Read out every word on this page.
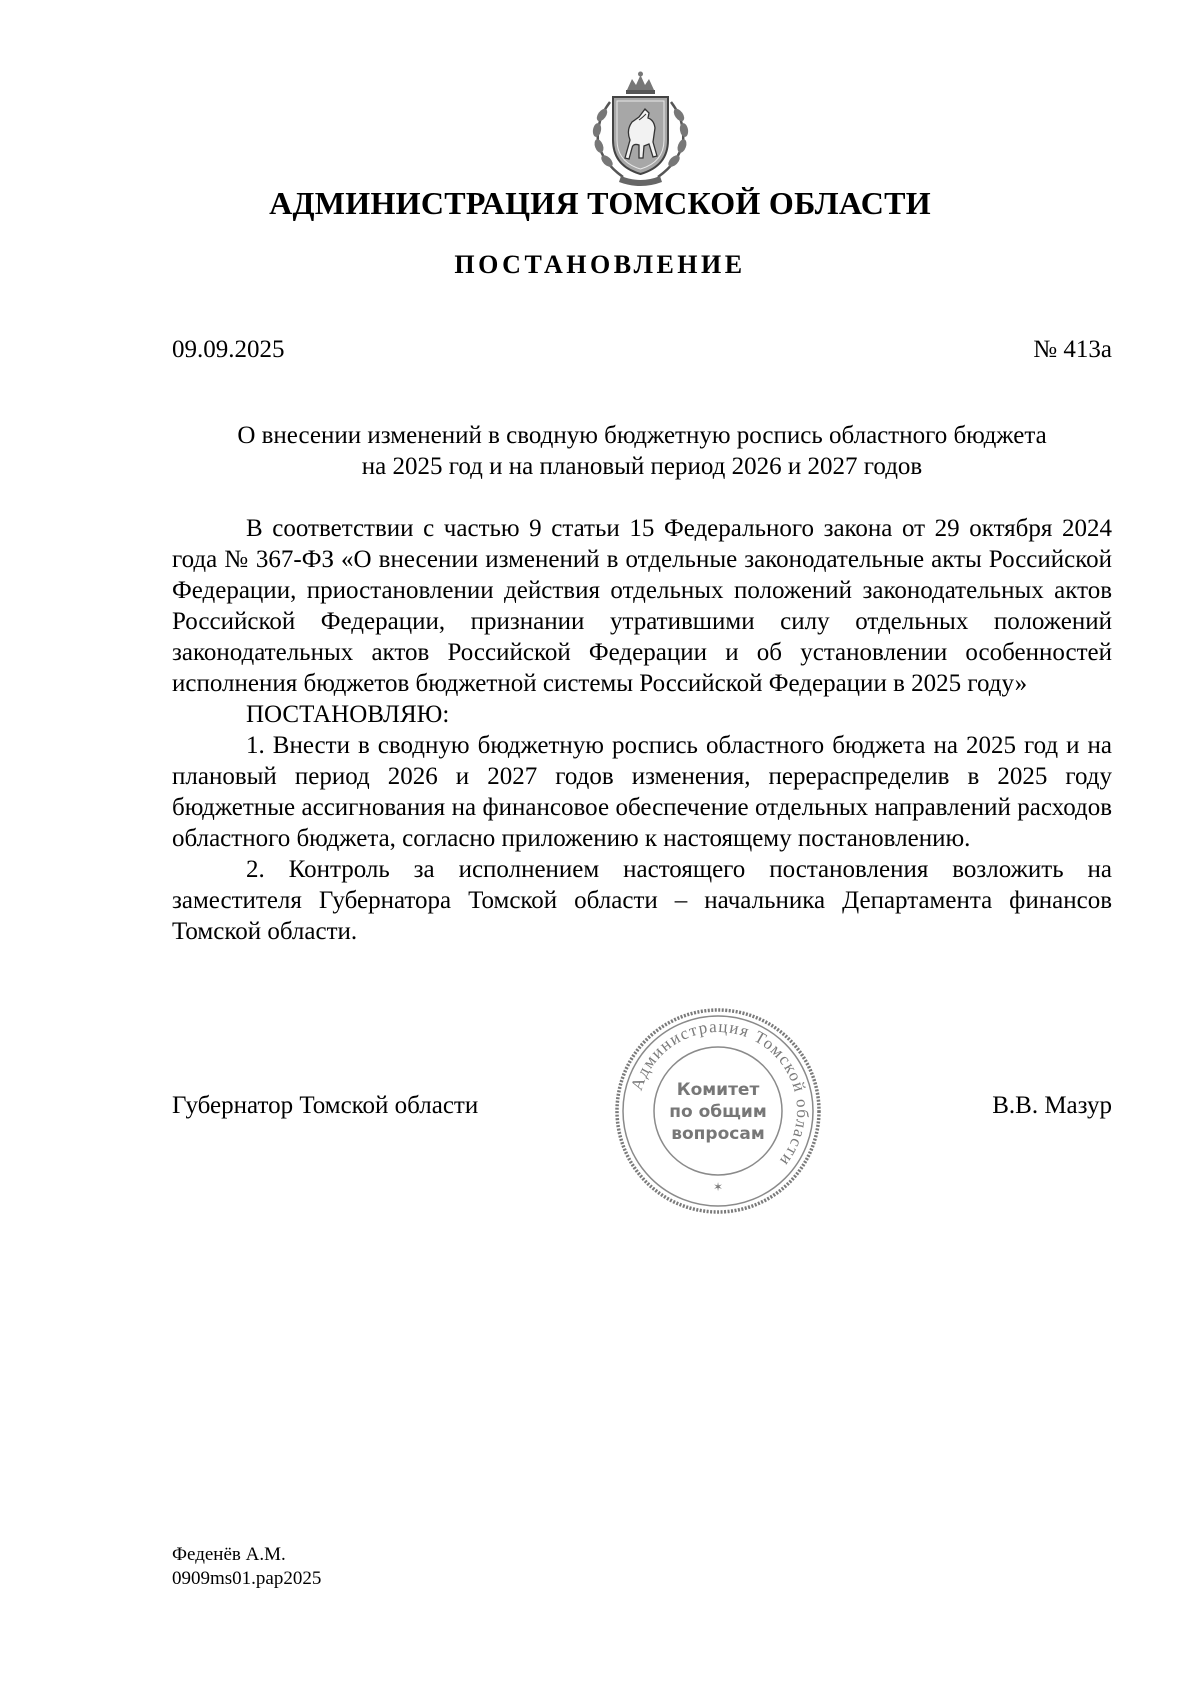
АДМИНИСТРАЦИЯ ТОМСКОЙ ОБЛАСТИ
ПОСТАНОВЛЕНИЕ
09.09.2025	№ 413а
О внесении изменений в сводную бюджетную роспись областного бюджета
на 2025 год и на плановый период 2026 и 2027 годов

В соответствии с частью 9 статьи 15 Федерального закона от 29 октября 2024 года № 367-ФЗ «О внесении изменений в отдельные законодательные акты Российской Федерации, приостановлении действия отдельных положений законодательных актов Российской Федерации, признании утратившими силу отдельных положений законодательных актов Российской Федерации и об установлении особенностей исполнения бюджетов бюджетной системы Российской Федерации в 2025 году»

ПОСТАНОВЛЯЮ:

1. Внести в сводную бюджетную роспись областного бюджета на 2025 год и на плановый период 2026 и 2027 годов изменения, перераспределив в 2025 году бюджетные ассигнования на финансовое обеспечение отдельных направлений расходов областного бюджета, согласно приложению к настоящему постановлению.

2. Контроль за исполнением настоящего постановления возложить на заместителя Губернатора Томской области – начальника Департамента финансов Томской области.

Губернатор Томской области
Администрация Томской области
✶
Комитет
по общим
вопросам
В.В. Мазур
Феденёв А.М.
0909ms01.pap2025
